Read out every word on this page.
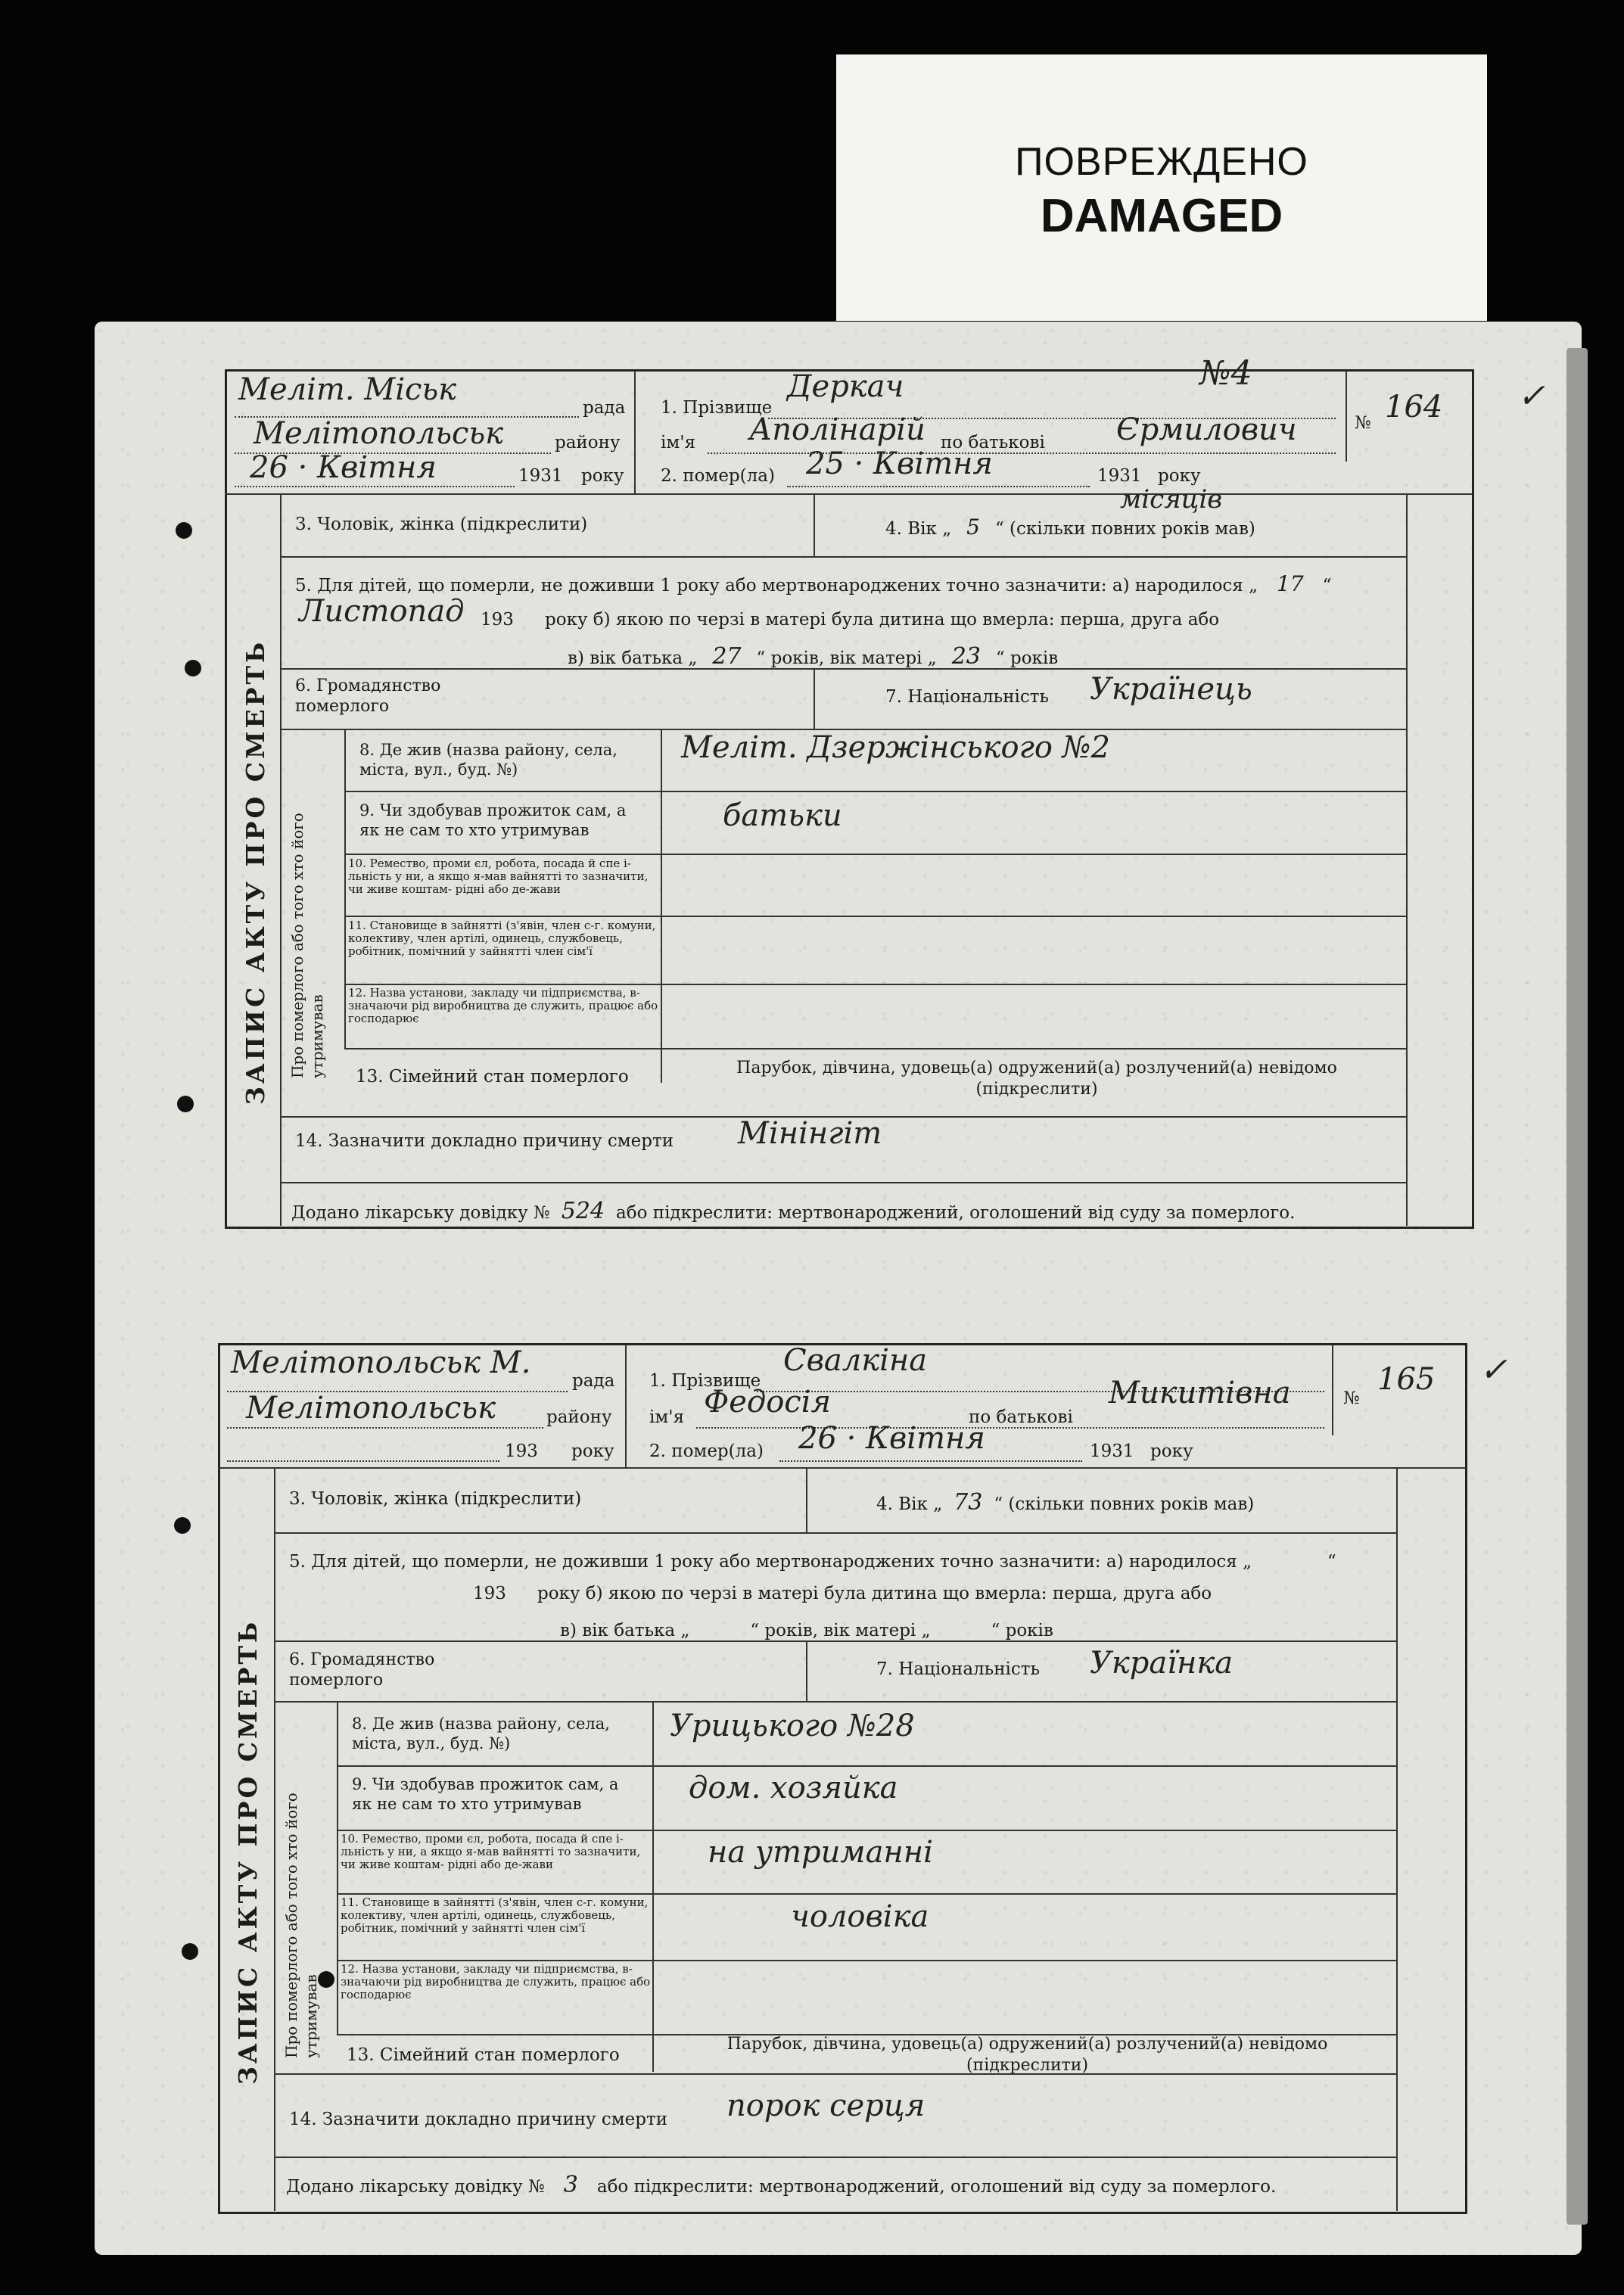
ПОВРЕЖДЕНО
DAMAGED
Меліт. Міськ
рада
Мелітопольськ	району
26 · Квітня	1931 року
1. Прізвище
Деркач
ім'я Аполінарій по батькові Єрмилович
2. помер(ла) 25 · Квітня	1931 року
№4
№ 164 ✓
ЗАПИС АКТУ ПРО СМЕРТЬ Про померлого або того хто його
утримував
3. Чоловік, жінка (підкреслити)	4. Вік „ 5 “ (скільки повних років мав)
місяців
5. Для дітей, що померли, не доживши 1 року або мертвонароджених точно зазначити: а) народилося „ 17 “
Листопад 193 року б) якою по черзі в матері була дитина що вмерла: перша, друга або
в) вік батька „ 27 “ років, вік матері „ 23 “ років
6. Громадянство померлого	7. Національність Українець
8. Де жив (назва району, села, міста, вул., буд. №)
Меліт. Дзержінського №2
9. Чи здобував прожиток сам, а як не сам то хто утримував	батьки
10. Ремество, проми єл, робота, посада й спе і-льність у ни, а якщо я-мав вайнятті то зазначити, чи живе коштам- рідні або де-жави
11. Становище в зайнятті (з'явін, член с-г. комуни, колективу, член артілі, одинець, службовець, робітник, помічний у зайнятті член сім'ї
12. Назва установи, закладу чи підприємства, в-значаючи рід виробництва де служить, працює або господарює
13. Сімейний стан померлого	Парубок, дівчина, удовець(а) одружений(а) розлучений(а) невідомо (підкреслити)
14. Зазначити докладно причину смерти Мінінгіт
Додано лікарську довідку № 524 або підкреслити: мертвонароджений, оголошений від суду за померлого.
Мелітопольськ М.
рада
Мелітопольськ	району
193 року
1. Прізвище
Свалкіна
ім'я Федосія	по батькові
Микитівна
2. помер(ла) 26 · Квітня	1931 року
№
165 ✓
ЗАПИС АКТУ ПРО СМЕРТЬ Про померлого або того хто його
утримував
3. Чоловік, жінка (підкреслити)	4. Вік „ 73 “ (скільки повних років мав)
5. Для дітей, що померли, не доживши 1 року або мертвонароджених точно зазначити: а) народилося „	“
193 року б) якою по черзі в матері була дитина що вмерла: перша, друга або
в) вік батька „	“ років, вік матері „	“ років
6. Громадянство померлого
7. Національність Українка
8. Де жив (назва району, села, міста, вул., буд. №)	Урицького №28
9. Чи здобував прожиток сам, а як не сам то хто утримував	дом. хозяйка
10. Ремество, проми єл, робота, посада й спе і-льність у ни, а якщо я-мав вайнятті то зазначити, чи живе коштам- рідні або де-жави	на утриманні
11. Становище в зайнятті (з'явін, член с-г. комуни, колективу, член артілі, одинець, службовець, робітник, помічний у зайнятті член сім'ї	чоловіка
12. Назва установи, закладу чи підприємства, в-значаючи рід виробництва де служить, працює або господарює
13. Сімейний стан померлого
Парубок, дівчина, удовець(а) одружений(а) розлучений(а) невідомо (підкреслити)
14. Зазначити докладно причину смерти порок серця
Додано лікарську довідку № 3 або підкреслити: мертвонароджений, оголошений від суду за померлого.
